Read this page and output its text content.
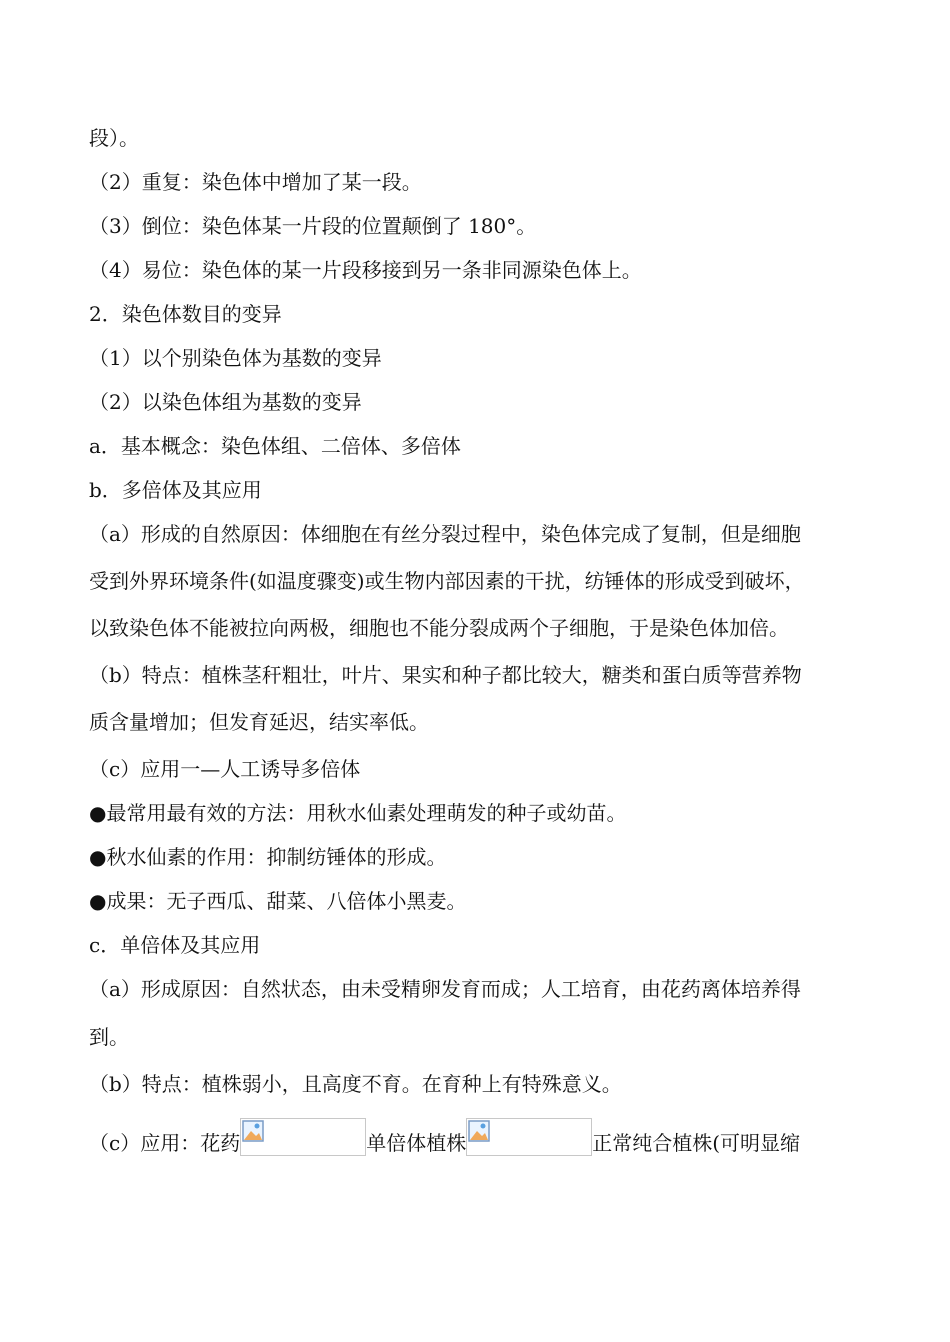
段）。
（2）重复：染色体中增加了某一段。
（3）倒位：染色体某一片段的位置颠倒了 180°。
（4）易位：染色体的某一片段移接到另一条非同源染色体上。
2．染色体数目的变异
（1）以个别染色体为基数的变异
（2）以染色体组为基数的变异
a．基本概念：染色体组、二倍体、多倍体
b．多倍体及其应用
（a）形成的自然原因：体细胞在有丝分裂过程中，染色体完成了复制，但是细胞
受到外界环境条件(如温度骤变)或生物内部因素的干扰，纺锤体的形成受到破坏，
以致染色体不能被拉向两极，细胞也不能分裂成两个子细胞，于是染色体加倍。
（b）特点：植株茎秆粗壮，叶片、果实和种子都比较大，糖类和蛋白质等营养物
质含量增加；但发育延迟，结实率低。
（c）应用一—人工诱导多倍体
●最常用最有效的方法：用秋水仙素处理萌发的种子或幼苗。
●秋水仙素的作用：抑制纺锤体的形成。
●成果：无子西瓜、甜菜、八倍体小黑麦。
c．单倍体及其应用
（a）形成原因：自然状态，由未受精卵发育而成；人工培育，由花药离体培养得
到。
（b）特点：植株弱小，且高度不育。在育种上有特殊意义。
（c）应用：花药	单倍体植株	正常纯合植株(可明显缩
